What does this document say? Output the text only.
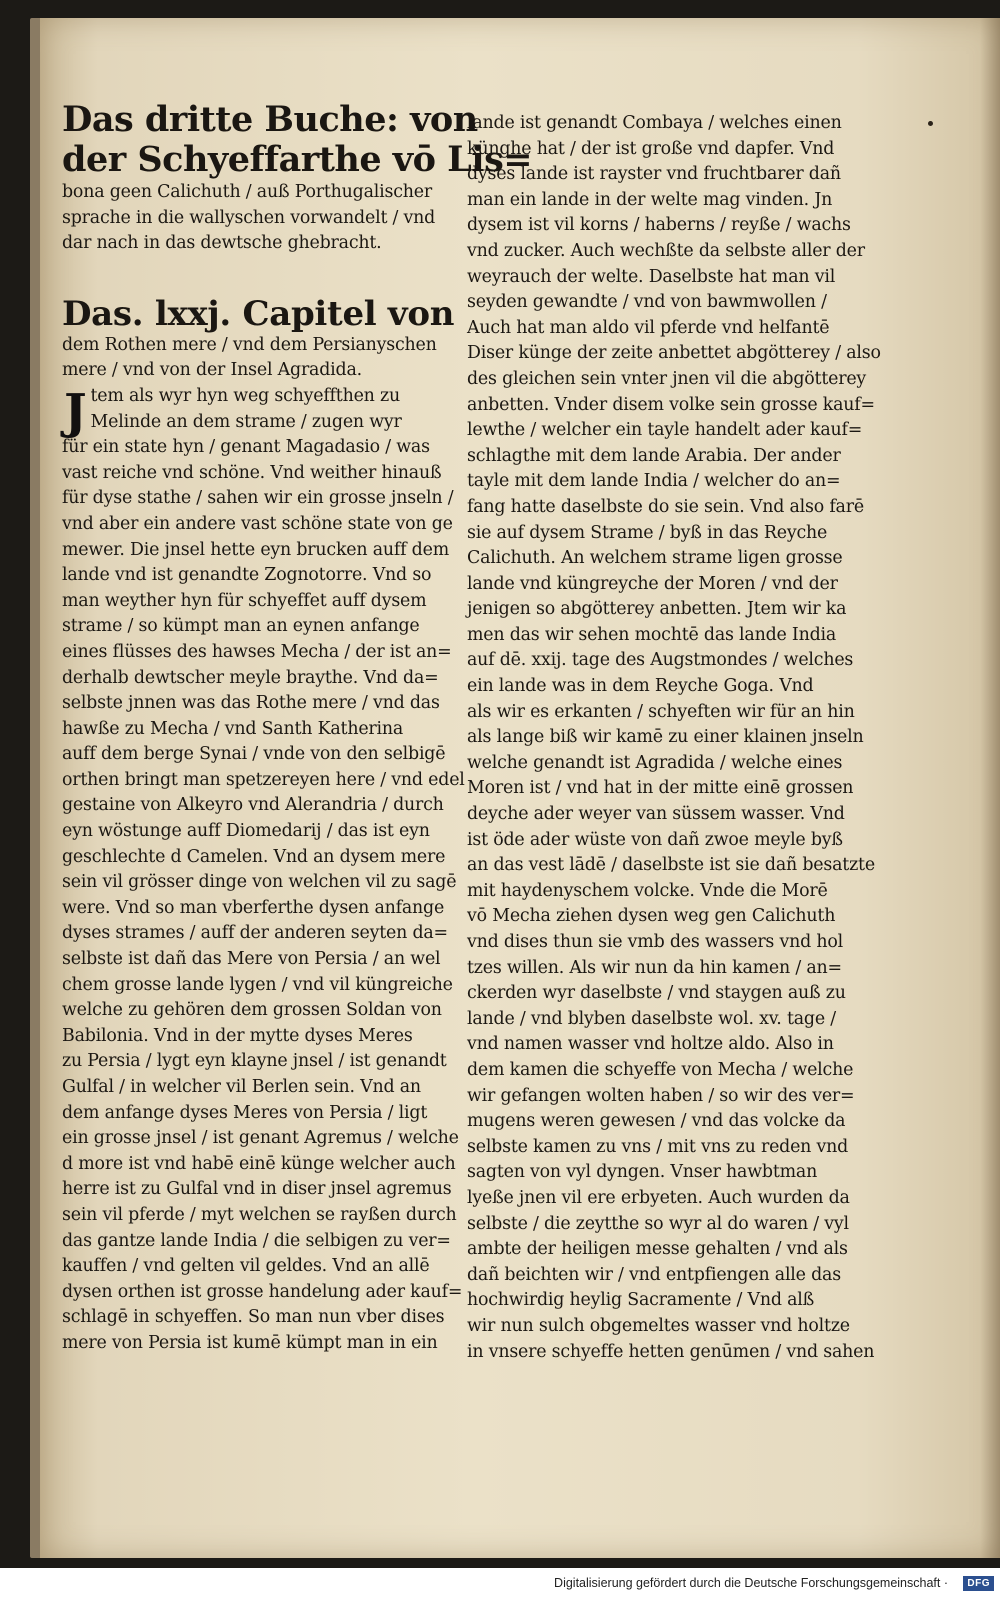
Das dritte Buche: von
der Schyeffarthe vō Lis=
bona geen Calichuth / auß Porthugalischer
sprache in die wallyschen vorwandelt / vnd
dar nach in das dewtsche ghebracht.
Das. lxxj. Capitel von
dem Rothen mere / vnd dem Persianyschen
mere / vnd von der Insel Agradida.
J tem als wyr hyn weg schyeffthen zu
Melinde an dem strame / zugen wyr
für ein state hyn / genant Magadasio / was
vast reiche vnd schöne. Vnd weither hinauß
für dyse stathe / sahen wir ein grosse jnseln /
vnd aber ein andere vast schöne state von ge
mewer. Die jnsel hette eyn brucken auff dem
lande vnd ist genandte Zognotorre. Vnd so
man weyther hyn für schyeffet auff dysem
strame / so kümpt man an eynen anfange
eines flüsses des hawses Mecha / der ist an=
derhalb dewtscher meyle braythe. Vnd da=
selbste jnnen was das Rothe mere / vnd das
hawße zu Mecha / vnd Santh Katherina
auff dem berge Synai / vnde von den selbigē
orthen bringt man spetzereyen here / vnd edel
gestaine von Alkeyro vnd Alerandria / durch
eyn wöstunge auff Diomedarij / das ist eyn
geschlechte d Camelen. Vnd an dysem mere
sein vil grösser dinge von welchen vil zu sagē
were. Vnd so man vberferthe dysen anfange
dyses strames / auff der anderen seyten da=
selbste ist dañ das Mere von Persia / an wel
chem grosse lande lygen / vnd vil küngreiche
welche zu gehören dem grossen Soldan von
Babilonia. Vnd in der mytte dyses Meres
zu Persia / lygt eyn klayne jnsel / ist genandt
Gulfal / in welcher vil Berlen sein. Vnd an
dem anfange dyses Meres von Persia / ligt
ein grosse jnsel / ist genant Agremus / welche
d more ist vnd habē einē künge welcher auch
herre ist zu Gulfal vnd in diser jnsel agremus
sein vil pferde / myt welchen se rayßen durch
das gantze lande India / die selbigen zu ver=
kauffen / vnd gelten vil geldes. Vnd an allē
dysen orthen ist grosse handelung ader kauf=
schlagē in schyeffen. So man nun vber dises
mere von Persia ist kumē kümpt man in ein
lande ist genandt Combaya / welches einen
künghe hat / der ist große vnd dapfer. Vnd
dyses lande ist rayster vnd fruchtbarer dañ
man ein lande in der welte mag vinden. Jn
dysem ist vil korns / haberns / reyße / wachs
vnd zucker. Auch wechßte da selbste aller der
weyrauch der welte. Daselbste hat man vil
seyden gewandte / vnd von bawmwollen /
Auch hat man aldo vil pferde vnd helfantē
Diser künge der zeite anbettet abgötterey / also
des gleichen sein vnter jnen vil die abgötterey
anbetten. Vnder disem volke sein grosse kauf=
lewthe / welcher ein tayle handelt ader kauf=
schlagthe mit dem lande Arabia. Der ander
tayle mit dem lande India / welcher do an=
fang hatte daselbste do sie sein. Vnd also farē
sie auf dysem Strame / byß in das Reyche
Calichuth. An welchem strame ligen grosse
lande vnd küngreyche der Moren / vnd der
jenigen so abgötterey anbetten. Jtem wir ka
men das wir sehen mochtē das lande India
auf dē. xxij. tage des Augstmondes / welches
ein lande was in dem Reyche Goga. Vnd
als wir es erkanten / schyeften wir für an hin
als lange biß wir kamē zu einer klainen jnseln
welche genandt ist Agradida / welche eines
Moren ist / vnd hat in der mitte einē grossen
deyche ader weyer van süssem wasser. Vnd
ist öde ader wüste von dañ zwoe meyle byß
an das vest lādē / daselbste ist sie dañ besatzte
mit haydenyschem volcke. Vnde die Morē
vō Mecha ziehen dysen weg gen Calichuth
vnd dises thun sie vmb des wassers vnd hol
tzes willen. Als wir nun da hin kamen / an=
ckerden wyr daselbste / vnd staygen auß zu
lande / vnd blyben daselbste wol. xv. tage /
vnd namen wasser vnd holtze aldo. Also in
dem kamen die schyeffe von Mecha / welche
wir gefangen wolten haben / so wir des ver=
mugens weren gewesen / vnd das volcke da
selbste kamen zu vns / mit vns zu reden vnd
sagten von vyl dyngen. Vnser hawbtman
lyeße jnen vil ere erbyeten. Auch wurden da
selbste / die zeytthe so wyr al do waren / vyl
ambte der heiligen messe gehalten / vnd als
dañ beichten wir / vnd entpfiengen alle das
hochwirdig heylig Sacramente / Vnd alß
wir nun sulch obgemeltes wasser vnd holtze
in vnsere schyeffe hetten genūmen / vnd sahen
Digitalisierung gefördert durch die Deutsche Forschungsgemeinschaft ·	DFG
